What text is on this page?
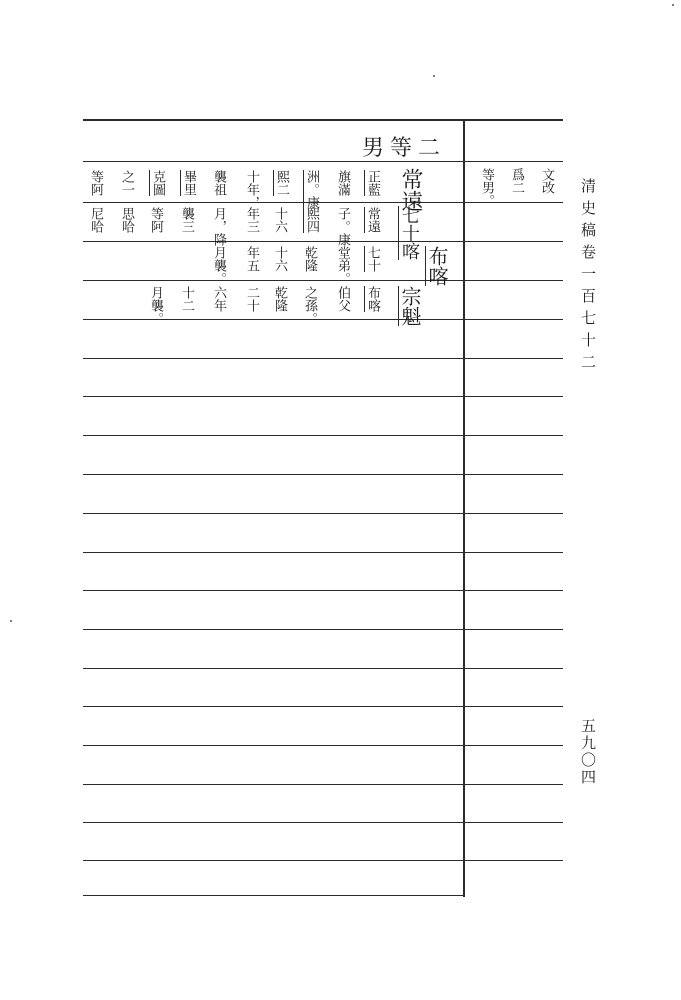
男等二
常遠
正藍
旗滿
洲。康
熙二
十年，
襲祖
畢里
克圖
之一
等阿
七十喀
常遠
子。康
熙四
十六
年三
月，降
襲三
等阿
思哈
尼哈
布喀
七十
堂弟。
乾隆
十六
年五
月襲。
宗魁
布喀
伯父
之孫。
乾隆
二十
六年
十二
月襲。
文改
爲二
等男。	清史稿卷一百七十二
五九〇四
